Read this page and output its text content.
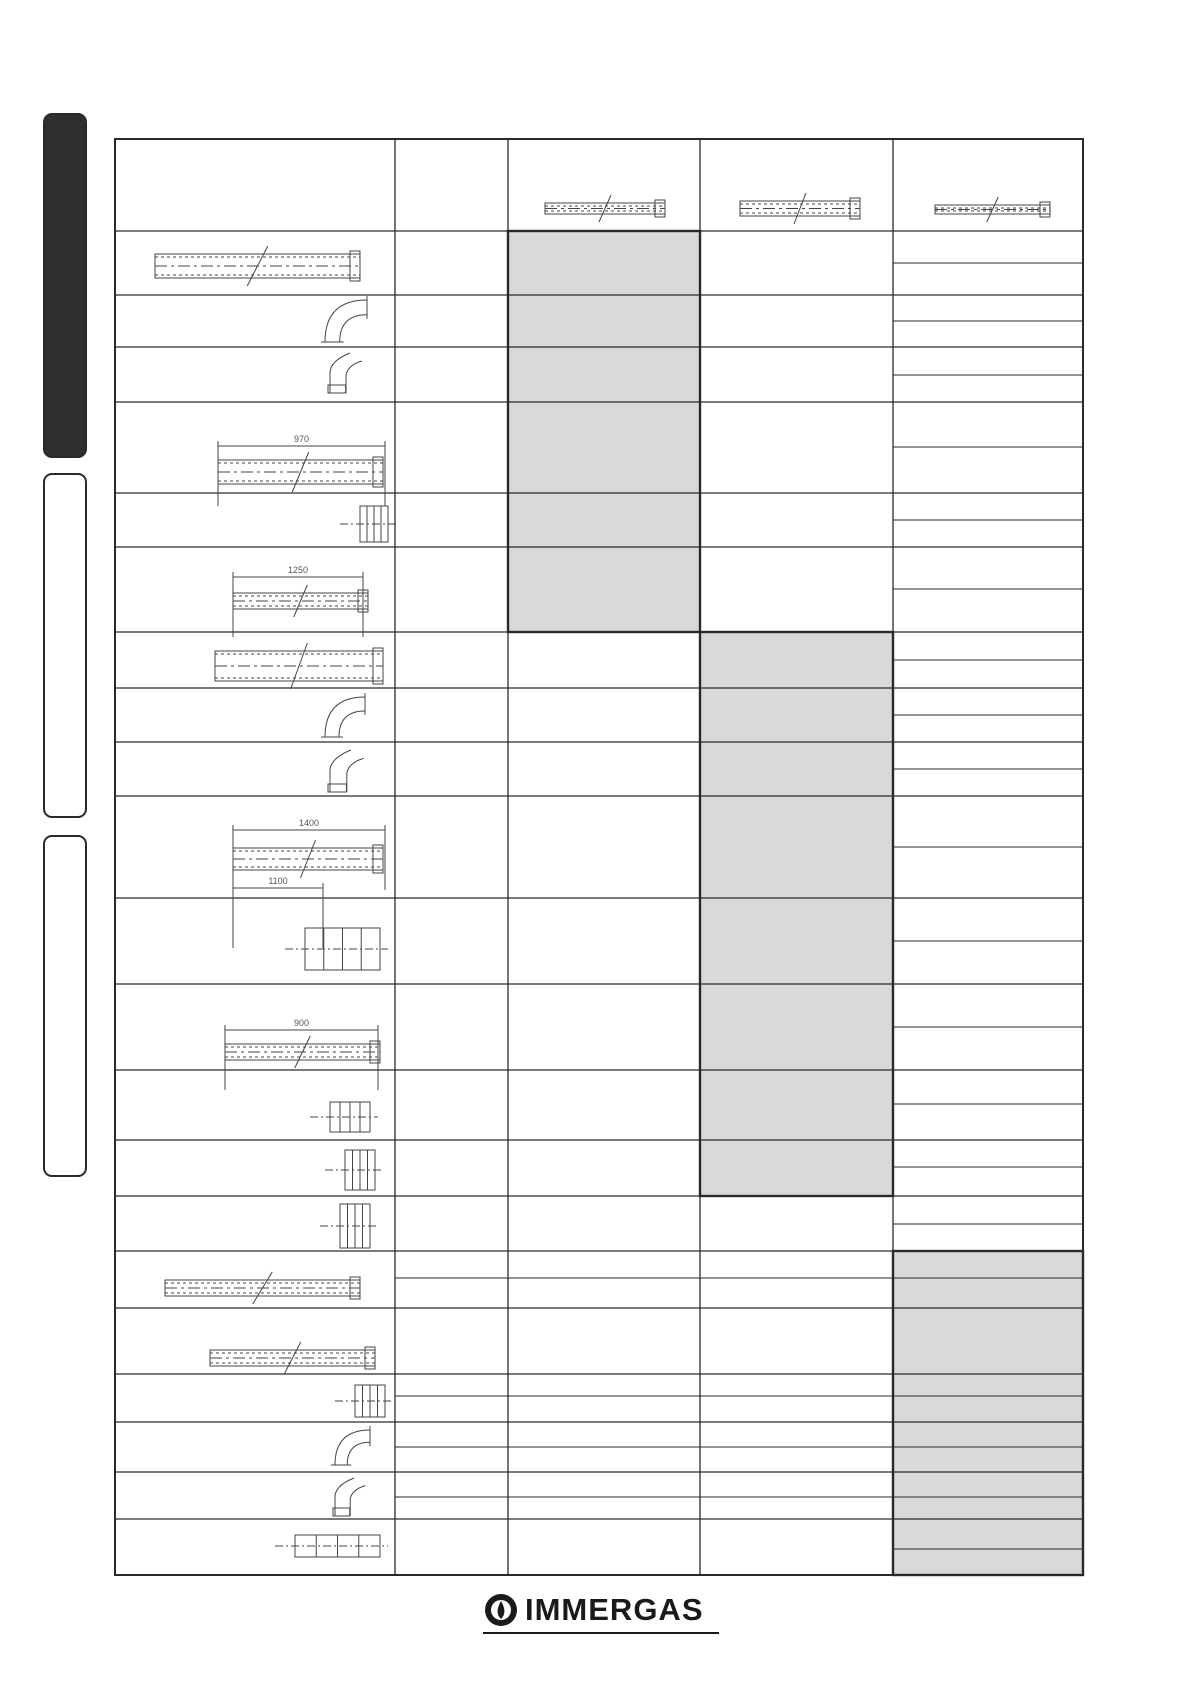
970
1250
1400
1100
900
IMMERGAS
